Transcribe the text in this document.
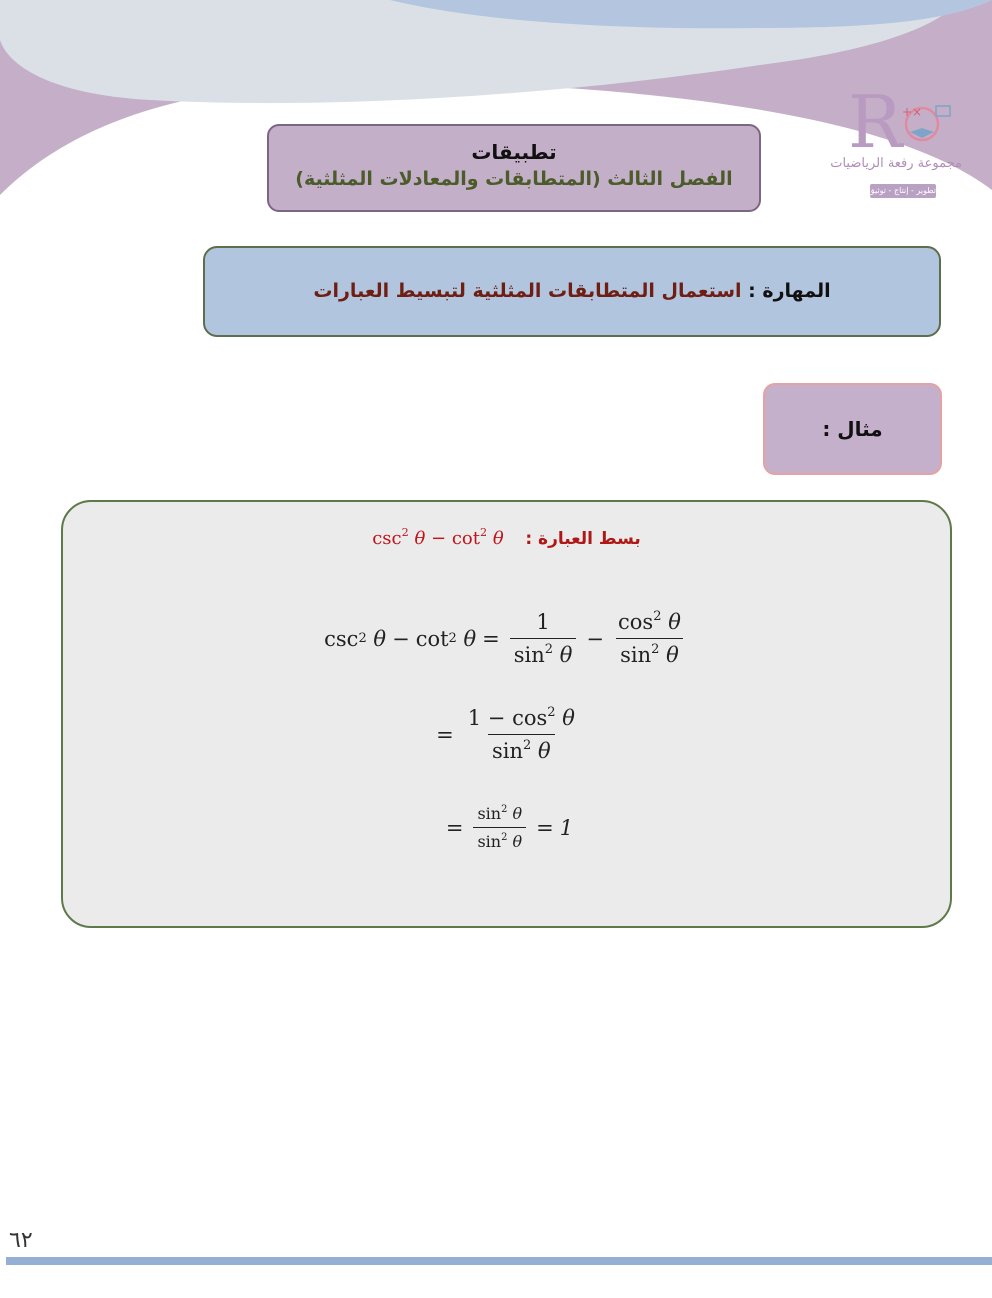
R +×
مجموعة رفعة الرياضيات
تطوير - إنتاج - توثيق
تطبيقات
الفصل الثالث (المتطابقات والمعادلات المثلثية)
المهارة : استعمال المتطابقات المثلثية لتبسيط العبارات
مثال :
$\csc^2 \theta - \cot^2 \theta$ بسط العبارة :
csc 2
θ − cot 2
$\theta = \frac{1}{\sin^2 \theta} - \frac{\cos^2 \theta}{\sin^2 \theta}$
= $\frac{1 - \cos^2 \theta}{\sin^2 \theta}$
= $\frac{\sin^2 \theta}{\sin^2 \theta} = 1$
٦٢
